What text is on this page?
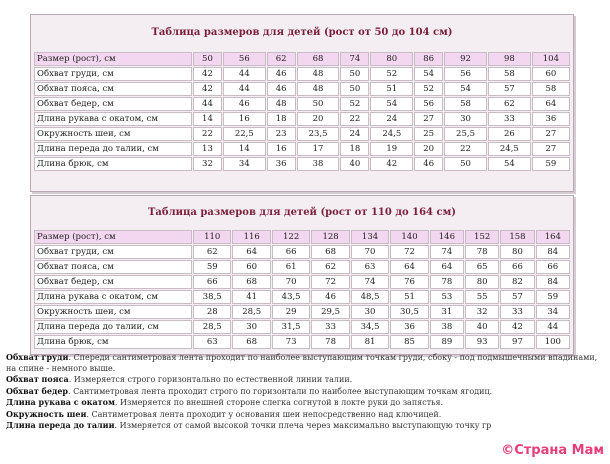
Таблица размеров для детей (рост от 50 до 104 см)
Размер (рост), см	50	56	62	68	74	80	86	92	98	104
Обхват груди, см	42	44	46	48	50	52	54	56	58	60
Обхват пояса, см	42	44	46	48	50	51	52	54	57	58
Обхват бедер, см	44	46	48	50	52	54	56	58	62	64
Длина рукава с окатом, см	14	16	18	20	22	24	27	30	33	36
Окружность шеи, см	22	22,5	23	23,5	24	24,5	25	25,5	26	27
Длина переда до талии, см	13	14	16	17	18	19	20	22	24,5	27
Длина брюк, см	32	34	36	38	40	42	46	50	54	59
Таблица размеров для детей (рост от 110 до 164 см)
Размер (рост), см	110	116	122	128	134	140	146	152	158	164
Обхват груди, см	62	64	66	68	70	72	74	78	80	84
Обхват пояса, см	59	60	61	62	63	64	64	65	66	66
Обхват бедер, см	66	68	70	72	74	76	78	80	82	84
Длина рукава с окатом, см	38,5	41	43,5	46	48,5	51	53	55	57	59
Окружность шеи, см	28	28,5	29	29,5	30	30,5	31	32	33	34
Длина переда до талии, см	28,5	30	31,5	33	34,5	36	38	40	42	44
Длина брюк, см	63	68	73	78	81	85	89	93	97	100

Обхват груди. Спереди сантиметровая лента проходит по наиболее выступающим точкам груди, сбоку - под подмышечными впадинами, на спине - немного выше.

Обхват пояса. Измеряется строго горизонтально по естественной линии талии.

Обхват бедер. Сантиметровая лента проходит строго по горизонтали по наиболее выступающим точкам ягодиц.

Длина рукава с окатом. Измеряется по внешней стороне слегка согнутой в локте руки до запястья.

Окружность шеи. Сантиметровая лента проходит у основания шеи непосредственно над ключицей.

Длина переда до талии. Измеряется от самой высокой точки плеча через максимально выступающую точку гр

©Страна Мам
